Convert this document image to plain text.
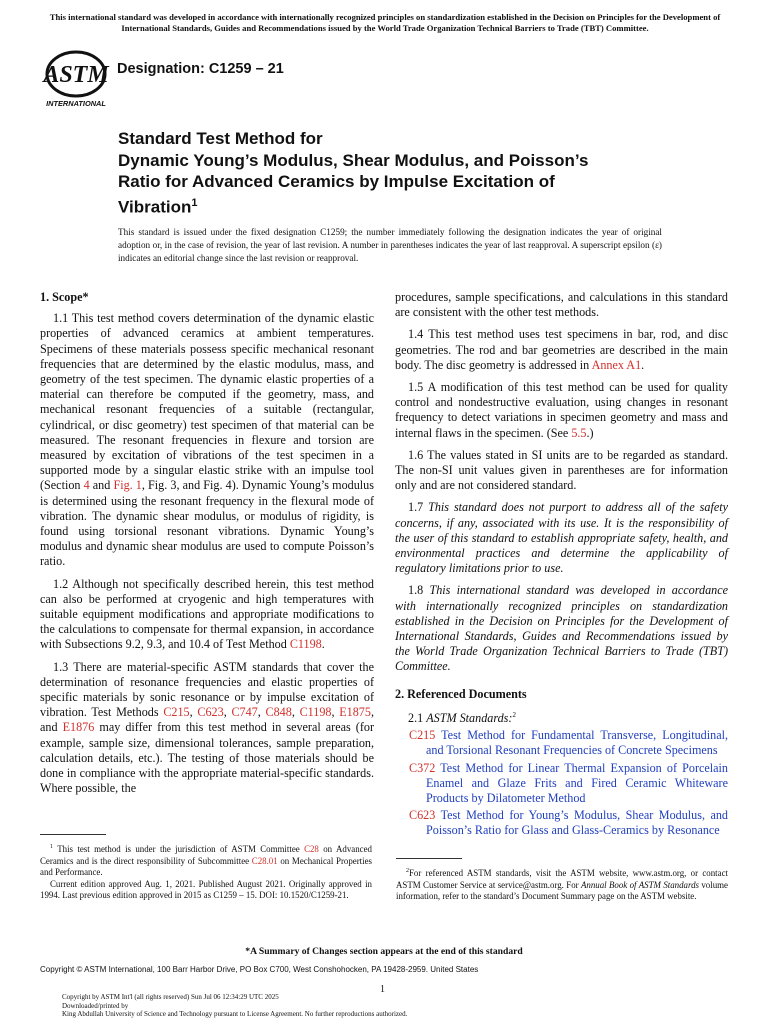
This international standard was developed in accordance with internationally recognized principles on standardization established in the Decision on Principles for the Development of International Standards, Guides and Recommendations issued by the World Trade Organization Technical Barriers to Trade (TBT) Committee.
ASTM
INTERNATIONAL
Designation: C1259 – 21
Standard Test Method for
Dynamic Young’s Modulus, Shear Modulus, and Poisson’s
Ratio for Advanced Ceramics by Impulse Excitation of
Vibration$^1$
This standard is issued under the fixed designation C1259; the number immediately following the designation indicates the year of original adoption or, in the case of revision, the year of last revision. A number in parentheses indicates the year of last reapproval. A superscript epsilon (ε) indicates an editorial change since the last revision or reapproval.
1. Scope*

1.1 This test method covers determination of the dynamic elastic properties of advanced ceramics at ambient temperatures. Specimens of these materials possess specific mechanical resonant frequencies that are determined by the elastic modulus, mass, and geometry of the test specimen. The dynamic elastic properties of a material can therefore be computed if the geometry, mass, and mechanical resonant frequencies of a suitable (rectangular, cylindrical, or disc geometry) test specimen of that material can be measured. The resonant frequencies in flexure and torsion are measured by excitation of vibrations of the test specimen in a supported mode by a singular elastic strike with an impulse tool (Section 4 and Fig. 1, Fig. 3, and Fig. 4). Dynamic Young’s modulus is determined using the resonant frequency in the flexural mode of vibration. The dynamic shear modulus, or modulus of rigidity, is found using torsional resonant vibrations. Dynamic Young’s modulus and dynamic shear modulus are used to compute Poisson’s ratio.

1.2 Although not specifically described herein, this test method can also be performed at cryogenic and high temperatures with suitable equipment modifications and appropriate modifications to the calculations to compensate for thermal expansion, in accordance with Subsections 9.2, 9.3, and 10.4 of Test Method C1198.

1.3 There are material-specific ASTM standards that cover the determination of resonance frequencies and elastic properties of specific materials by sonic resonance or by impulse excitation of vibration. Test Methods C215, C623, C747, C848, C1198, E1875, and E1876 may differ from this test method in several areas (for example, sample size, dimensional tolerances, sample preparation, calculation details, etc.). The testing of those materials should be done in compliance with the appropriate material-specific standards. Where possible, the

procedures, sample specifications, and calculations in this standard are consistent with the other test methods.

1.4 This test method uses test specimens in bar, rod, and disc geometries. The rod and bar geometries are described in the main body. The disc geometry is addressed in Annex A1.

1.5 A modification of this test method can be used for quality control and nondestructive evaluation, using changes in resonant frequency to detect variations in specimen geometry and mass and internal flaws in the specimen. (See 5.5.)

1.6 The values stated in SI units are to be regarded as standard. The non-SI unit values given in parentheses are for information only and are not considered standard.

1.7 This standard does not purport to address all of the safety concerns, if any, associated with its use. It is the responsibility of the user of this standard to establish appropriate safety, health, and environmental practices and determine the applicability of regulatory limitations prior to use.

1.8 This international standard was developed in accordance with internationally recognized principles on standardization established in the Decision on Principles for the Development of International Standards, Guides and Recommendations issued by the World Trade Organization Technical Barriers to Trade (TBT) Committee.

2. Referenced Documents

2.1 ASTM Standards:$^2$

C215 Test Method for Fundamental Transverse, Longitudinal, and Torsional Resonant Frequencies of Concrete Specimens
C372 Test Method for Linear Thermal Expansion of Porcelain Enamel and Glaze Frits and Fired Ceramic Whiteware Products by Dilatometer Method
C623 Test Method for Young’s Modulus, Shear Modulus, and Poisson’s Ratio for Glass and Glass-Ceramics by Resonance

$^1$ This test method is under the jurisdiction of ASTM Committee C28 on Advanced Ceramics and is the direct responsibility of Subcommittee C28.01 on Mechanical Properties and Performance.

Current edition approved Aug. 1, 2021. Published August 2021. Originally approved in 1994. Last previous edition approved in 2015 as C1259 – 15. DOI: 10.1520/C1259-21.

$^2$For referenced ASTM standards, visit the ASTM website, www.astm.org, or contact ASTM Customer Service at service@astm.org. For Annual Book of ASTM Standards volume information, refer to the standard’s Document Summary page on the ASTM website.

*A Summary of Changes section appears at the end of this standard
Copyright © ASTM International, 100 Barr Harbor Drive, PO Box C700, West Conshohocken, PA 19428-2959. United States
1
Copyright by ASTM Int'l (all rights reserved) Sun Jul 06 12:34:29 UTC 2025
Downloaded/printed by
King Abdullah University of Science and Technology pursuant to License Agreement. No further reproductions authorized.
